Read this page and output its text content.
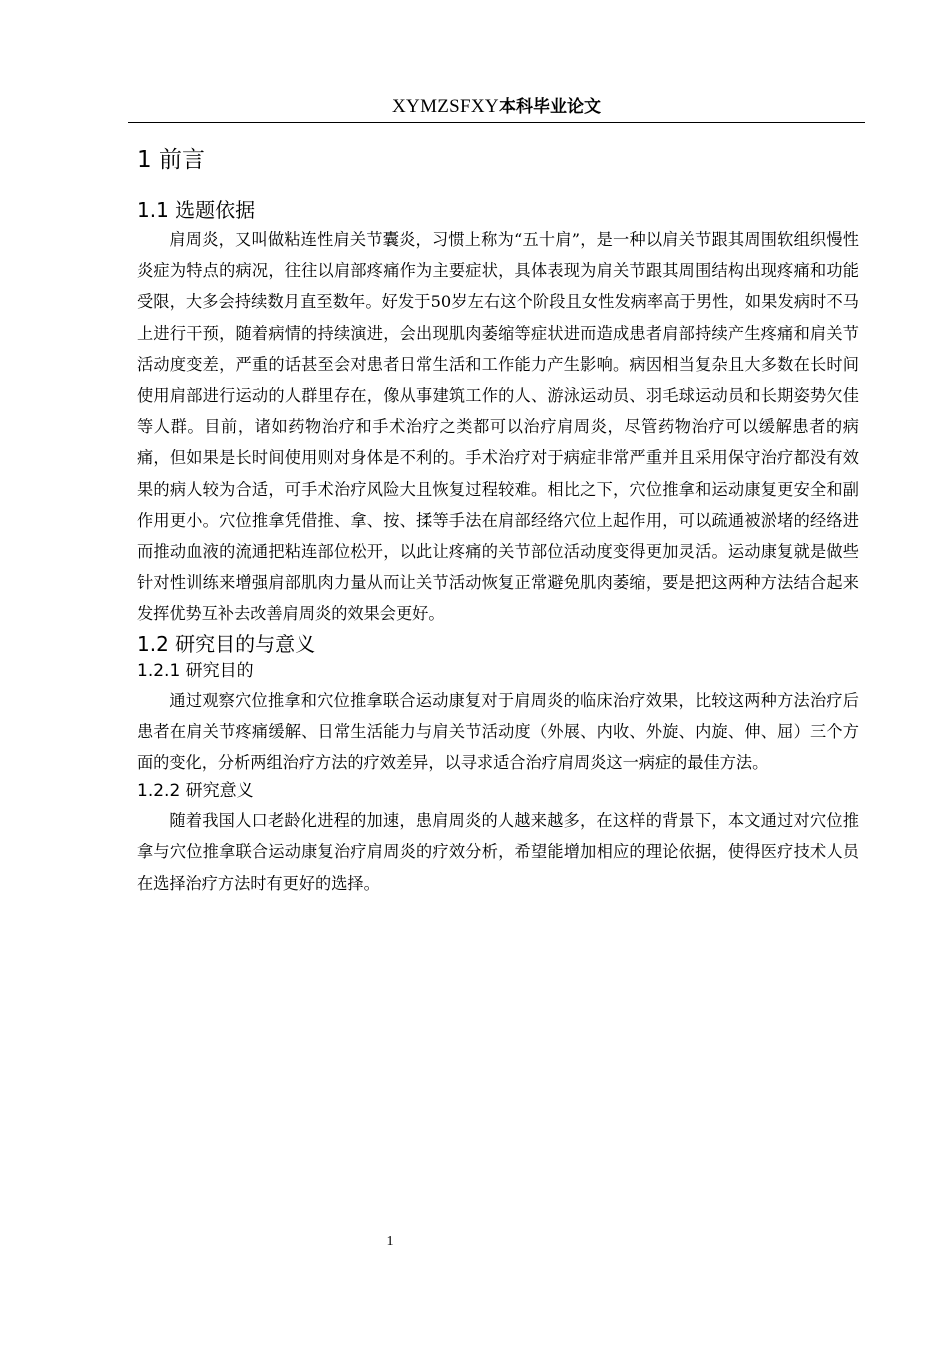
XYMZSFXY本科毕业论文
1 前言
1.1 选题依据

肩周炎，又叫做粘连性肩关节囊炎，习惯上称为“五十肩”，是一种以肩关节跟其周围软组织慢性炎症为特点的病况，往往以肩部疼痛作为主要症状，具体表现为肩关节跟其周围结构出现疼痛和功能受限，大多会持续数月直至数年。好发于50岁左右这个阶段且女性发病率高于男性，如果发病时不马上进行干预，随着病情的持续演进，会出现肌肉萎缩等症状进而造成患者肩部持续产生疼痛和肩关节活动度变差，严重的话甚至会对患者日常生活和工作能力产生影响。病因相当复杂且大多数在长时间使用肩部进行运动的人群里存在，像从事建筑工作的人、游泳运动员、羽毛球运动员和长期姿势欠佳等人群。目前，诸如药物治疗和手术治疗之类都可以治疗肩周炎，尽管药物治疗可以缓解患者的病痛，但如果是长时间使用则对身体是不利的。手术治疗对于病症非常严重并且采用保守治疗都没有效果的病人较为合适，可手术治疗风险大且恢复过程较难。相比之下，穴位推拿和运动康复更安全和副作用更小。穴位推拿凭借推、拿、按、揉等手法在肩部经络穴位上起作用，可以疏通被淤堵的经络进而推动血液的流通把粘连部位松开，以此让疼痛的关节部位活动度变得更加灵活。运动康复就是做些针对性训练来增强肩部肌肉力量从而让关节活动恢复正常避免肌肉萎缩，要是把这两种方法结合起来发挥优势互补去改善肩周炎的效果会更好。

1.2 研究目的与意义
1.2.1 研究目的

通过观察穴位推拿和穴位推拿联合运动康复对于肩周炎的临床治疗效果，比较这两种方法治疗后患者在肩关节疼痛缓解、日常生活能力与肩关节活动度（外展、内收、外旋、内旋、伸、屈）三个方面的变化，分析两组治疗方法的疗效差异，以寻求适合治疗肩周炎这一病症的最佳方法。

1.2.2 研究意义

随着我国人口老龄化进程的加速，患肩周炎的人越来越多，在这样的背景下，本文通过对穴位推拿与穴位推拿联合运动康复治疗肩周炎的疗效分析，希望能增加相应的理论依据，使得医疗技术人员在选择治疗方法时有更好的选择。

1
